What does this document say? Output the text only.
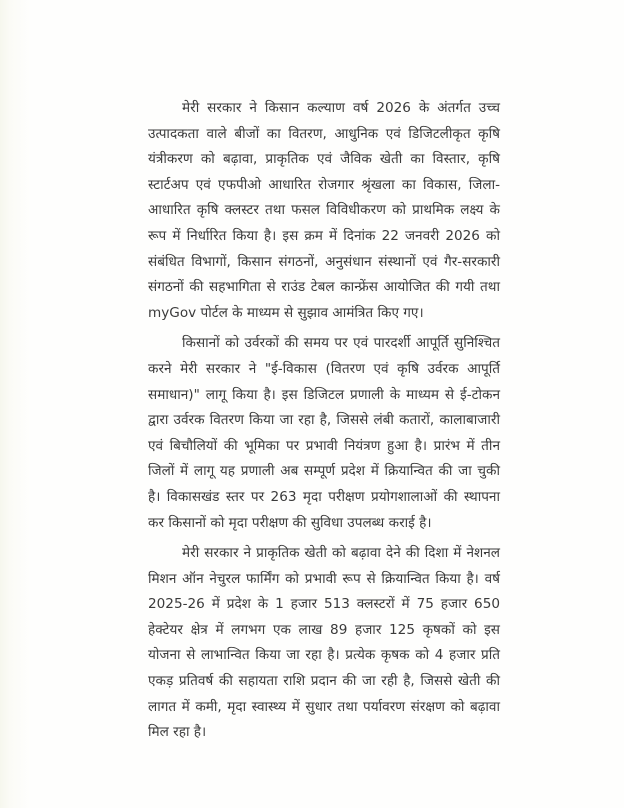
मेरी सरकार ने किसान कल्याण वर्ष 2026 के अंतर्गत उच्च उत्पादकता वाले बीजों का वितरण, आधुनिक एवं डिजिटलीकृत कृषि यंत्रीकरण को बढ़ावा, प्राकृतिक एवं जैविक खेती का विस्तार, कृषि स्टार्टअप एवं एफपीओ आधारित रोजगार श्रृंखला का विकास, जिला-आधारित कृषि क्लस्टर तथा फसल विविधीकरण को प्राथमिक लक्ष्य के रूप में निर्धारित किया है। इस क्रम में दिनांक 22 जनवरी 2026 को संबंधित विभागों, किसान संगठनों, अनुसंधान संस्थानों एवं गैर-सरकारी संगठनों की सहभागिता से राउंड टेबल कान्फ्रेंस आयोजित की गयी तथा myGov पोर्टल के माध्यम से सुझाव आमंत्रित किए गए।

किसानों को उर्वरकों की समय पर एवं पारदर्शी आपूर्ति सुनिश्चित करने मेरी सरकार ने "ई-विकास (वितरण एवं कृषि उर्वरक आपूर्ति समाधान)" लागू किया है। इस डिजिटल प्रणाली के माध्यम से ई-टोकन द्वारा उर्वरक वितरण किया जा रहा है, जिससे लंबी कतारों, कालाबाजारी एवं बिचौलियों की भूमिका पर प्रभावी नियंत्रण हुआ है। प्रारंभ में तीन जिलों में लागू यह प्रणाली अब सम्पूर्ण प्रदेश में क्रियान्वित की जा चुकी है। विकासखंड स्तर पर 263 मृदा परीक्षण प्रयोगशालाओं की स्थापना कर किसानों को मृदा परीक्षण की सुविधा उपलब्ध कराई है।

मेरी सरकार ने प्राकृतिक खेती को बढ़ावा देने की दिशा में नेशनल मिशन ऑन नेचुरल फार्मिंग को प्रभावी रूप से क्रियान्वित किया है। वर्ष 2025-26 में प्रदेश के 1 हजार 513 क्लस्टरों में 75 हजार 650 हेक्टेयर क्षेत्र में लगभग एक लाख 89 हजार 125 कृषकों को इस योजना से लाभान्वित किया जा रहा है। प्रत्येक कृषक को 4 हजार प्रति एकड़ प्रतिवर्ष की सहायता राशि प्रदान की जा रही है, जिससे खेती की लागत में कमी, मृदा स्वास्थ्य में सुधार तथा पर्यावरण संरक्षण को बढ़ावा मिल रहा है।
